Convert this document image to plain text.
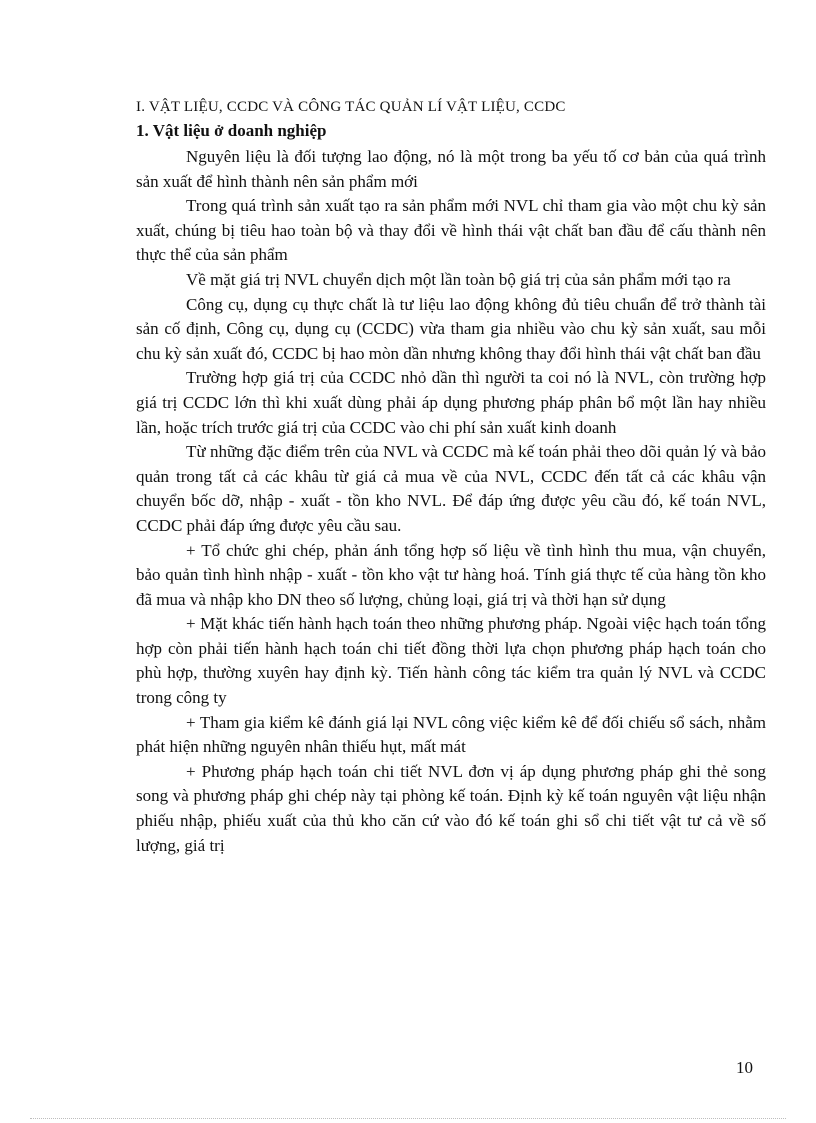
I. VẬT LIỆU, CCDC VÀ CÔNG TÁC QUẢN LÍ VẬT LIỆU, CCDC
1. Vật liệu ở doanh nghiệp

Nguyên liệu là đối tượng lao động, nó là một trong ba yếu tố cơ bản của quá trình sản xuất để hình thành nên sản phẩm mới

Trong quá trình sản xuất tạo ra sản phẩm mới NVL chỉ tham gia vào một chu kỳ sản xuất, chúng bị tiêu hao toàn bộ và thay đổi về hình thái vật chất ban đầu để cấu thành nên thực thể của sản phẩm

Về mặt giá trị NVL chuyển dịch một lần toàn bộ giá trị của sản phẩm mới tạo ra

Công cụ, dụng cụ thực chất là tư liệu lao động không đủ tiêu chuẩn để trở thành tài sản cố định, Công cụ, dụng cụ (CCDC) vừa tham gia nhiều vào chu kỳ sản xuất, sau mỗi chu kỳ sản xuất đó, CCDC bị hao mòn dần nhưng không thay đổi hình thái vật chất ban đầu

Trường hợp giá trị của CCDC nhỏ dần thì người ta coi nó là NVL, còn trường hợp giá trị CCDC lớn thì khi xuất dùng phải áp dụng phương pháp phân bổ một lần hay nhiều lần, hoặc trích trước giá trị của CCDC vào chi phí sản xuất kinh doanh

Từ những đặc điểm trên của NVL và CCDC mà kế toán phải theo dõi quản lý và bảo quản trong tất cả các khâu từ giá cả mua về của NVL, CCDC đến tất cả các khâu vận chuyển bốc dỡ, nhập - xuất - tồn kho NVL. Để đáp ứng được yêu cầu đó, kế toán NVL, CCDC phải đáp ứng được yêu cầu sau.

+ Tổ chức ghi chép, phản ánh tổng hợp số liệu về tình hình thu mua, vận chuyển, bảo quản tình hình nhập - xuất - tồn kho vật tư hàng hoá. Tính giá thực tế của hàng tồn kho đã mua và nhập kho DN theo số lượng, chủng loại, giá trị và thời hạn sử dụng

+ Mặt khác tiến hành hạch toán theo những phương pháp. Ngoài việc hạch toán tổng hợp còn phải tiến hành hạch toán chi tiết đồng thời lựa chọn phương pháp hạch toán cho phù hợp, thường xuyên hay định kỳ. Tiến hành công tác kiểm tra quản lý NVL và CCDC trong công ty

+ Tham gia kiểm kê đánh giá lại NVL công việc kiểm kê để đối chiếu sổ sách, nhằm phát hiện những nguyên nhân thiếu hụt, mất mát

+ Phương pháp hạch toán chi tiết NVL đơn vị áp dụng phương pháp ghi thẻ song song và phương pháp ghi chép này tại phòng kế toán. Định kỳ kế toán nguyên vật liệu nhận phiếu nhập, phiếu xuất của thủ kho căn cứ vào đó kế toán ghi sổ chi tiết vật tư cả về số lượng, giá trị

10
